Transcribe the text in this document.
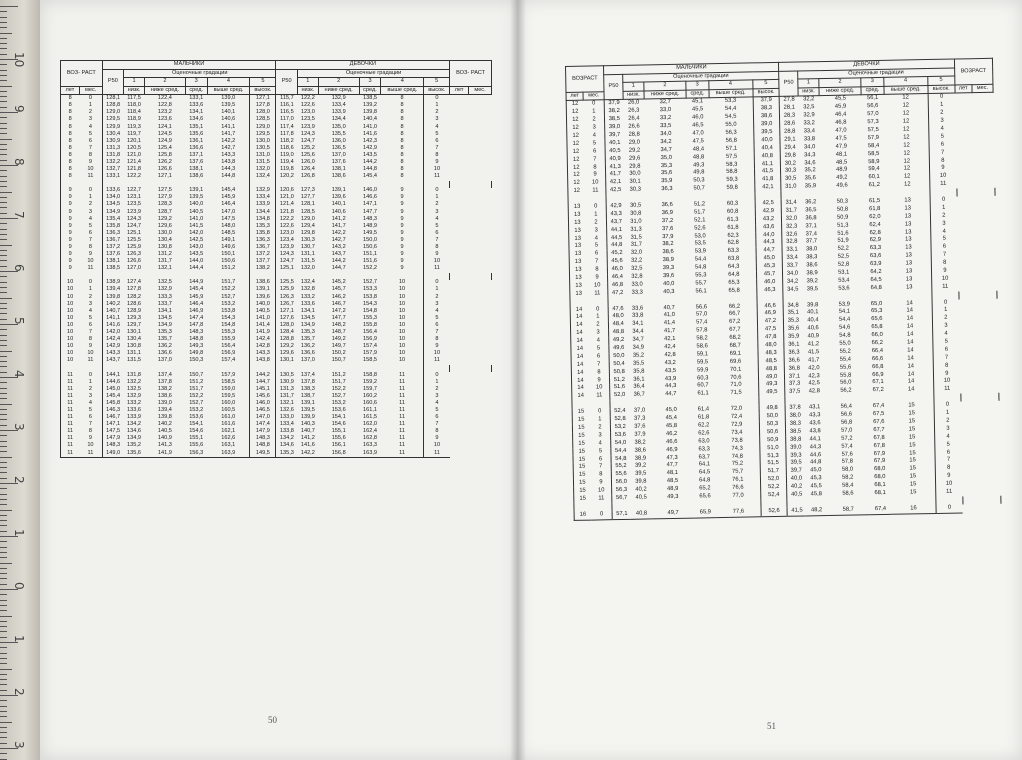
10
9
8
7
6
5
4
3
2
1
0
1
2
3
ВОЗ- РАСТ		МАЛЬЧИКИ						ДЕВОЧКИ						ВОЗ- РАСТ	
		P50	Оценочные градации					P50	Оценочные градации						
			1	2	3	4	5		1	2	3	4	5		
лет	мес.		низк.	ниже сред.	сред.	выше сред.	высок.		низк.	ниже сред.	сред.	выше сред.	высок.	лет	мес.
8	0	128,1	117,5	122,4	133,1	139,0	127,1	115,7	122,2	132,9	138,5	8	0		
8	1	128,8	118,0	122,8	133,6	139,5	127,8	116,1	122,6	133,4	139,2	8	1		
8	2	129,0	118,4	123,2	134,1	140,1	128,0	116,5	123,0	133,9	139,8	8	2		
8	3	129,5	118,9	123,6	134,6	140,6	128,5	117,0	123,5	134,4	140,4	8	3		
8	4	129,9	119,3	124,1	135,1	141,1	129,0	117,4	123,9	135,0	141,0	8	4		
8	5	130,4	119,7	124,5	135,6	141,7	129,5	117,8	124,3	135,5	141,6	8	5		
8	6	130,9	120,1	124,9	136,1	142,2	130,0	118,2	124,7	136,0	142,3	8	6		
8	7	131,3	120,5	125,4	136,6	142,7	130,5	118,6	125,2	136,5	142,9	8	7		
8	8	131,8	121,0	125,8	137,1	143,3	131,0	119,0	125,6	137,0	143,5	8	8		
8	9	132,2	121,4	126,2	137,6	143,8	131,5	119,4	126,0	137,6	144,2	8	9		
8	10	132,7	121,8	126,6	138,1	144,3	132,0	119,8	126,4	138,1	144,8	8	10		
8	11	133,1	122,2	127,1	138,6	144,8	132,4	120,2	126,8	138,6	145,4	8	11		

9	0	133,6	122,7	127,5	139,1	145,4	132,9	120,6	127,3	139,1	146,0	9	0		
9	1	134,0	123,1	127,9	139,5	145,9	133,4	121,0	127,7	139,6	146,6	9	1		
9	2	134,5	123,5	128,3	140,0	146,4	133,9	121,4	128,1	140,1	147,1	9	2		
9	3	134,9	123,9	128,7	140,5	147,0	134,4	121,8	128,5	140,6	147,7	9	3		
9	4	135,4	124,3	129,2	141,0	147,5	134,8	122,2	129,0	141,2	148,3	9	4		
9	5	135,8	124,7	129,6	141,5	148,0	135,3	122,6	129,4	141,7	148,9	9	5		
9	6	136,3	125,1	130,0	142,0	148,5	135,8	123,0	129,8	142,2	149,5	9	6		
9	7	136,7	125,5	130,4	142,5	149,1	136,3	123,4	130,3	142,7	150,0	9	7		
9	8	137,2	125,9	130,8	143,0	149,6	136,7	123,9	130,7	143,2	150,6	9	8		
9	9	137,6	126,3	131,2	143,5	150,1	137,2	124,3	131,1	143,7	151,1	9	9		
9	10	138,1	126,6	131,7	144,0	150,6	137,7	124,7	131,5	144,2	151,6	9	10		
9	11	138,5	127,0	132,1	144,4	151,2	138,2	125,1	132,0	144,7	152,2	9	11		

10	0	138,9	127,4	132,5	144,9	151,7	138,6	125,5	132,4	145,2	152,7	10	0		
10	1	139,4	127,8	132,9	145,4	152,2	139,1	125,9	132,8	145,7	153,3	10	1		
10	2	139,8	128,2	133,3	145,9	152,7	139,6	126,3	133,2	146,2	153,8	10	2		
10	3	140,2	128,6	133,7	146,4	153,2	140,0	126,7	133,6	146,7	154,3	10	3		
10	4	140,7	128,9	134,1	146,9	153,8	140,5	127,1	134,1	147,2	154,8	10	4		
10	5	141,1	129,3	134,5	147,4	154,3	141,0	127,6	134,5	147,7	155,3	10	5		
10	6	141,6	129,7	134,9	147,8	154,8	141,4	128,0	134,9	148,2	155,8	10	6		
10	7	142,0	130,1	135,3	148,3	155,3	141,9	128,4	135,3	148,7	156,4	10	7		
10	8	142,4	130,4	135,7	148,8	155,9	142,4	128,8	135,7	149,2	156,9	10	8		
10	9	142,9	130,8	136,2	149,3	156,4	142,8	129,2	136,2	149,7	157,4	10	9		
10	10	143,3	131,1	136,6	149,8	156,9	143,3	129,6	136,6	150,2	157,9	10	10		
10	11	143,7	131,5	137,0	150,3	157,4	143,8	130,1	137,0	150,7	158,5	10	11		

11	0	144,1	131,8	137,4	150,7	157,9	144,2	130,5	137,4	151,2	158,8	11	0		
11	1	144,6	132,2	137,8	151,2	158,5	144,7	130,9	137,8	151,7	159,2	11	1		
11	2	145,0	132,5	138,2	151,7	159,0	145,1	131,3	138,3	152,2	159,7	11	2		
11	3	145,4	132,9	138,6	152,2	159,5	145,6	131,7	138,7	152,7	160,2	11	3		
11	4	145,8	133,2	139,0	152,7	160,0	146,0	132,1	139,1	153,2	160,6	11	4		
11	5	146,3	133,6	139,4	153,2	160,5	146,5	132,6	139,5	153,6	161,1	11	5		
11	6	146,7	133,9	139,8	153,6	161,0	147,0	133,0	139,9	154,1	161,5	11	6		
11	7	147,1	134,2	140,2	154,1	161,6	147,4	133,4	140,3	154,6	162,0	11	7		
11	8	147,5	134,6	140,5	154,6	162,1	147,9	133,8	140,7	155,1	162,4	11	8		
11	9	147,9	134,9	140,9	155,1	162,6	148,3	134,2	141,2	155,6	162,8	11	9		
11	10	148,3	135,2	141,3	155,6	163,1	148,8	134,6	141,6	156,1	163,3	11	10		
11	11	149,0	135,6	141,9	156,3	163,9	149,5	135,3	142,2	156,8	163,9	11	11		
ВОЗРАСТ		МАЛЬЧИКИ						ДЕВОЧКИ						ВОЗРАСТ	
		P50	Оценочные градации					P50	Оценочные градации						
			1	2	3	4	5		1	2	3	4	5		
лет	мес.		низк.	ниже сред.	сред.	выше сред.	высок.		низк.	ниже сред.	сред.	выше сред.	высок.	лет	мес.
12	0	37,9	26,0	32,7	45,1	53,3	37,9	27,8	32,2	45,5	56,1	12	0		
12	1	38,2	26,3	33,0	45,5	54,4	38,3	28,1	32,5	45,9	56,6	12	1		
12	2	38,5	26,4	33,2	46,0	54,5	38,6	28,3	32,9	46,4	57,0	12	2		
12	3	39,0	26,6	33,5	46,5	55,0	39,0	28,6	33,2	46,8	57,3	12	3		
12	4	39,7	28,8	34,0	47,0	56,3	39,5	28,8	33,4	47,0	57,5	12	4		
12	5	40,1	29,0	34,2	47,5	56,8	40,0	29,1	33,8	47,5	57,9	12	5		
12	6	40,5	29,2	34,7	48,4	57,1	40,4	29,4	34,0	47,9	58,4	12	6		
12	7	40,9	29,6	35,0	48,8	57,5	40,8	29,8	34,3	48,1	58,5	12	7		
12	8	41,3	29,8	35,3	49,3	58,3	41,1	30,2	34,6	48,5	58,9	12	8		
12	9	41,7	30,0	35,6	49,8	58,8	41,5	30,3	35,2	48,9	59,4	12	9		
12	10	42,1	30,1	35,9	50,3	59,3	41,8	30,5	35,6	49,2	60,1	12	10		
12	11	42,5	30,3	36,3	50,7	59,8	42,1	31,0	35,9	49,6	61,2	12	11		

13	0	42,9	30,5	36,6	51,2	60,3	42,5	31,4	36,2	50,3	61,5	13	0		
13	1	43,3	30,8	36,9	51,7	60,8	42,9	31,7	36,5	50,8	61,8	13	1		
13	2	43,7	31,0	37,2	52,1	61,3	43,2	32,0	36,8	50,9	62,0	13	2		
13	3	44,1	31,3	37,6	52,6	61,8	43,6	32,3	37,1	51,3	62,4	13	3		
13	4	44,5	31,5	37,9	53,0	62,3	44,0	32,6	37,4	51,6	62,8	13	4		
13	5	44,8	31,7	38,2	53,5	62,8	44,3	32,8	37,7	51,9	62,9	13	5		
13	6	45,2	32,0	38,6	53,9	63,3	44,7	33,1	38,0	52,2	63,3	13	6		
13	7	45,6	32,2	38,9	54,4	63,8	45,0	33,4	38,3	52,5	63,6	13	7		
13	8	46,0	32,5	39,3	54,8	64,3	45,3	33,7	38,6	52,8	63,9	13	8		
13	9	46,4	32,8	39,6	55,3	64,8	45,7	34,0	38,9	53,1	64,2	13	9		
13	10	46,8	33,0	40,0	55,7	65,3	46,0	34,2	39,2	53,4	64,5	13	10		
13	11	47,2	33,3	40,3	56,1	65,8	46,3	34,5	39,5	53,6	64,8	13	11		

14	0	47,6	33,6	40,7	56,6	66,2	46,6	34,8	39,8	53,9	65,0	14	0		
14	1	48,0	33,8	41,0	57,0	66,7	46,9	35,1	40,1	54,1	65,3	14	1		
14	2	48,4	34,1	41,4	57,4	67,2	47,2	35,3	40,4	54,4	65,6	14	2		
14	3	48,8	34,4	41,7	57,8	67,7	47,5	35,6	40,6	54,6	65,8	14	3		
14	4	49,2	34,7	42,1	58,2	68,2	47,8	35,9	40,9	54,8	66,0	14	4		
14	5	49,6	34,9	42,4	58,6	68,7	48,0	36,1	41,2	55,0	66,2	14	5		
14	6	50,0	35,2	42,8	59,1	69,1	48,3	36,3	41,5	55,2	66,4	14	6		
14	7	50,4	35,5	43,2	59,5	69,6	48,5	36,6	41,7	55,4	66,6	14	7		
14	8	50,8	35,8	43,5	59,9	70,1	48,8	36,8	42,0	55,6	66,8	14	8		
14	9	51,2	36,1	43,9	60,3	70,6	49,0	37,1	42,3	55,8	66,9	14	9		
14	10	51,6	36,4	44,3	60,7	71,0	49,3	37,3	42,5	56,0	67,1	14	10		
14	11	52,0	36,7	44,7	61,1	71,5	49,5	37,5	42,8	56,2	67,2	14	11		

15	0	52,4	37,0	45,0	61,4	72,0	49,8	37,8	43,1	56,4	67,4	15	0		
15	1	52,8	37,3	45,4	61,8	72,4	50,0	38,0	43,3	56,6	67,5	15	1		
15	2	53,2	37,6	45,8	62,2	72,9	50,3	38,3	43,6	56,8	67,6	15	2		
15	3	53,6	37,9	46,2	62,6	73,4	50,6	38,5	43,8	57,0	67,7	15	3		
15	4	54,0	38,2	46,6	63,0	73,8	50,9	38,8	44,1	57,2	67,8	15	4		
15	5	54,4	38,6	46,9	63,3	74,3	51,0	39,0	44,3	57,4	67,8	15	5		
15	6	54,8	38,9	47,3	63,7	74,8	51,3	39,3	44,6	57,6	67,9	15	6		
15	7	55,2	39,2	47,7	64,1	75,2	51,5	39,5	44,8	57,8	67,9	15	7		
15	8	55,6	39,5	48,1	64,5	75,7	51,7	39,7	45,0	58,0	68,0	15	8		
15	9	56,0	39,8	48,5	64,8	76,1	52,0	40,0	45,3	58,2	68,0	15	9		
15	10	56,3	40,2	48,9	65,2	76,6	52,2	40,2	45,5	58,4	68,1	15	10		
15	11	56,7	40,5	49,3	65,6	77,0	52,4	40,5	45,8	58,6	68,1	15	11		

16	0	57,1	40,8	49,7	65,9	77,6	52,6	41,5	48,2	58,7	67,4	16	0		
50
51
